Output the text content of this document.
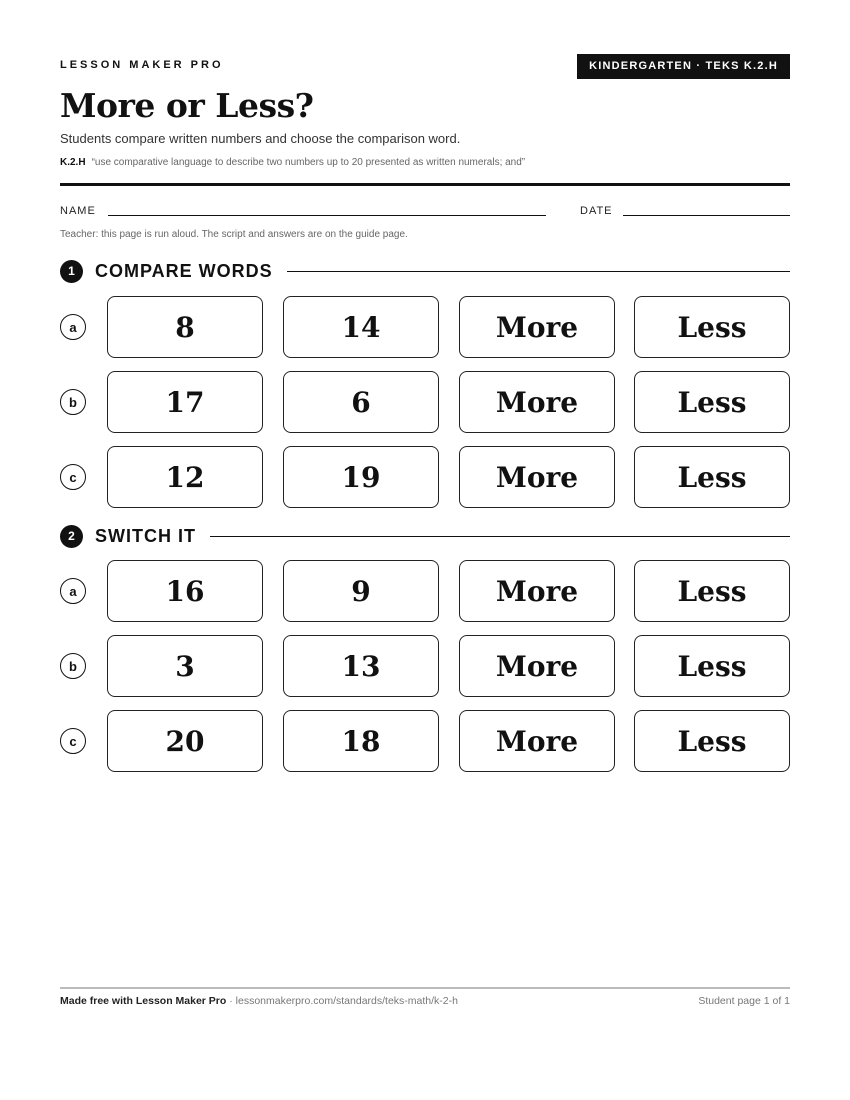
LESSON MAKER PRO	KINDERGARTEN · TEKS K.2.H
More or Less?
Students compare written numbers and choose the comparison word.
K.2.H “use comparative language to describe two numbers up to 20 presented as written numerals; and”
NAME	DATE
Teacher: this page is run aloud. The script and answers are on the guide page.
1	COMPARE WORDS
a	8	14	More	Less
b	17	6	More	Less
c	12	19	More	Less
2	SWITCH IT
a	16	9	More	Less
b	3	13	More	Less
c	20	18	More	Less
Made free with Lesson Maker Pro · lessonmakerpro.com/standards/teks-math/k-2-h	Student page 1 of 1
